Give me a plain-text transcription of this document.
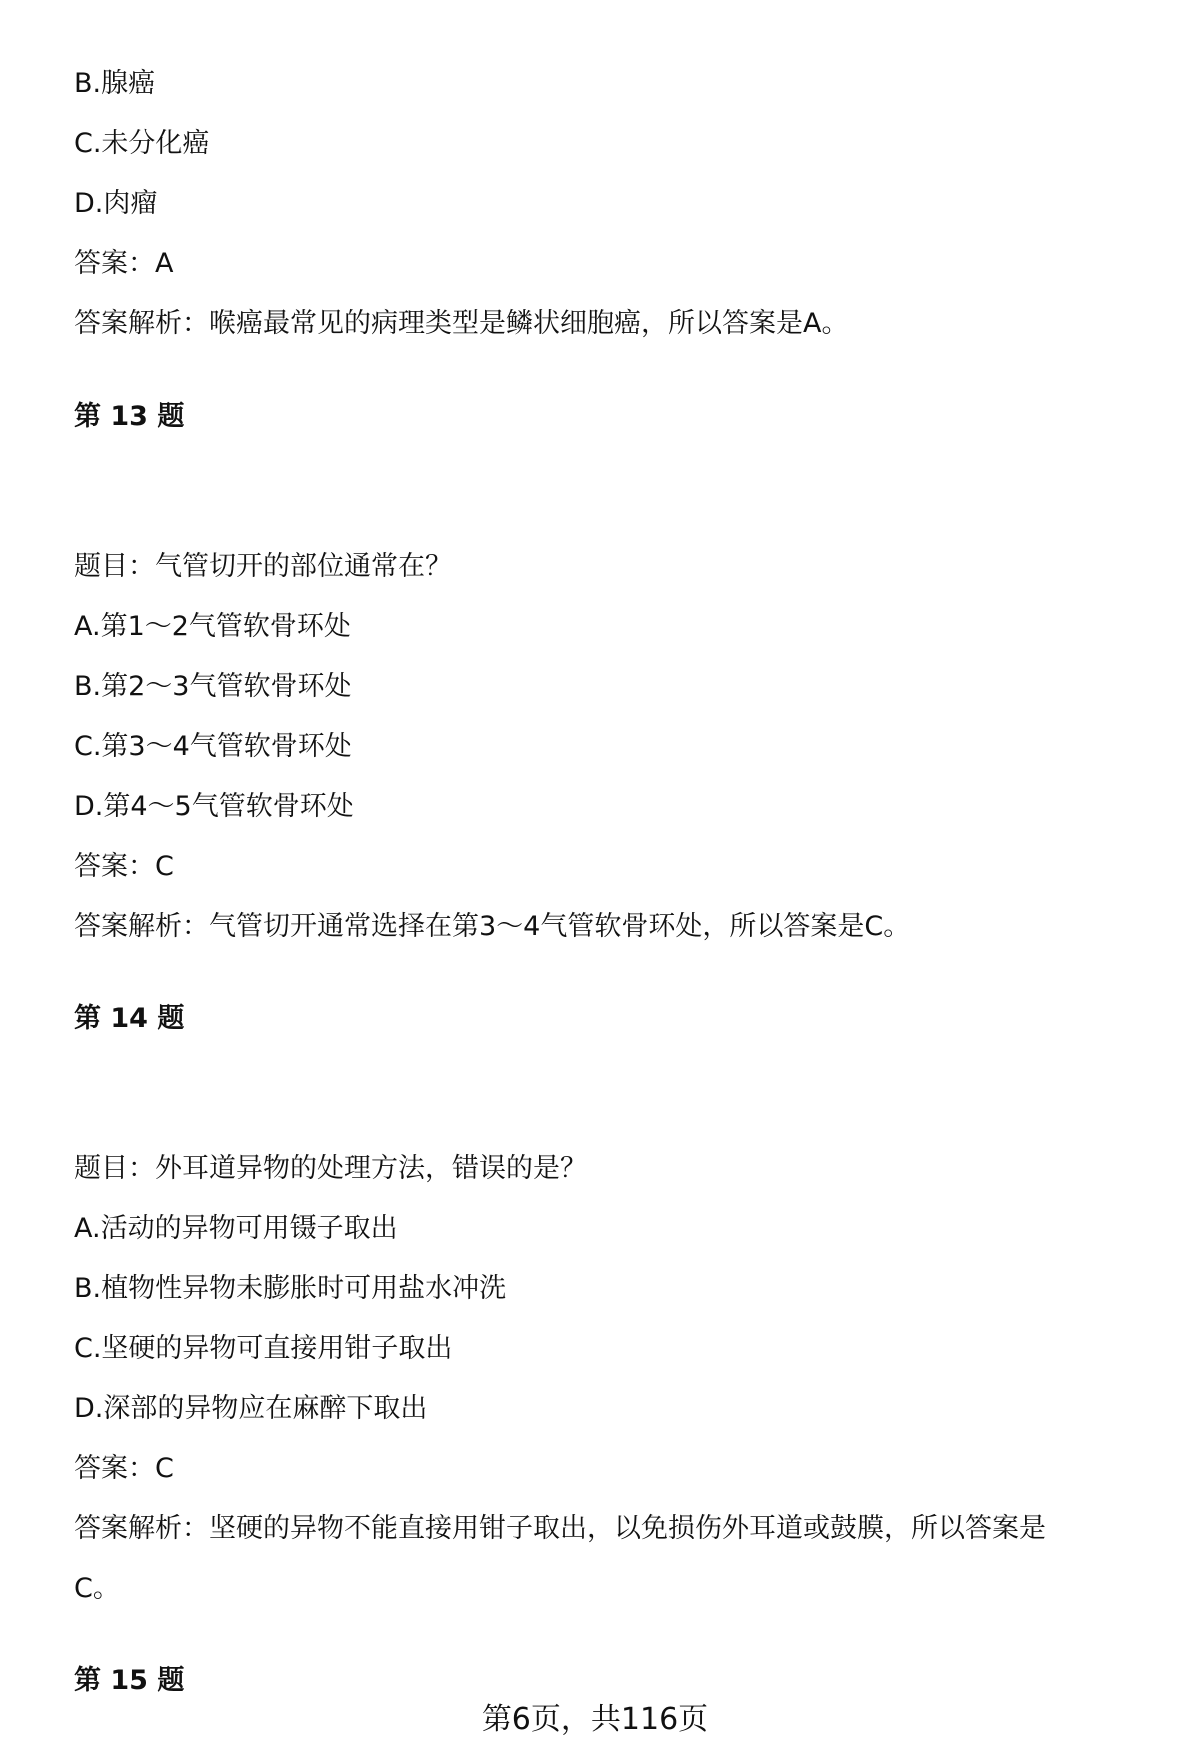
B.腺癌
C.未分化癌
D.肉瘤
答案：A
答案解析：喉癌最常见的病理类型是鳞状细胞癌，所以答案是A。
第 13 题
题目：气管切开的部位通常在？
A.第1～2气管软骨环处
B.第2～3气管软骨环处
C.第3～4气管软骨环处
D.第4～5气管软骨环处
答案：C
答案解析：气管切开通常选择在第3～4气管软骨环处，所以答案是C。
第 14 题
题目：外耳道异物的处理方法，错误的是？
A.活动的异物可用镊子取出
B.植物性异物未膨胀时可用盐水冲洗
C.坚硬的异物可直接用钳子取出
D.深部的异物应在麻醉下取出
答案：C
答案解析：坚硬的异物不能直接用钳子取出，以免损伤外耳道或鼓膜，所以答案是
C。
第 15 题
第6页，共116页
